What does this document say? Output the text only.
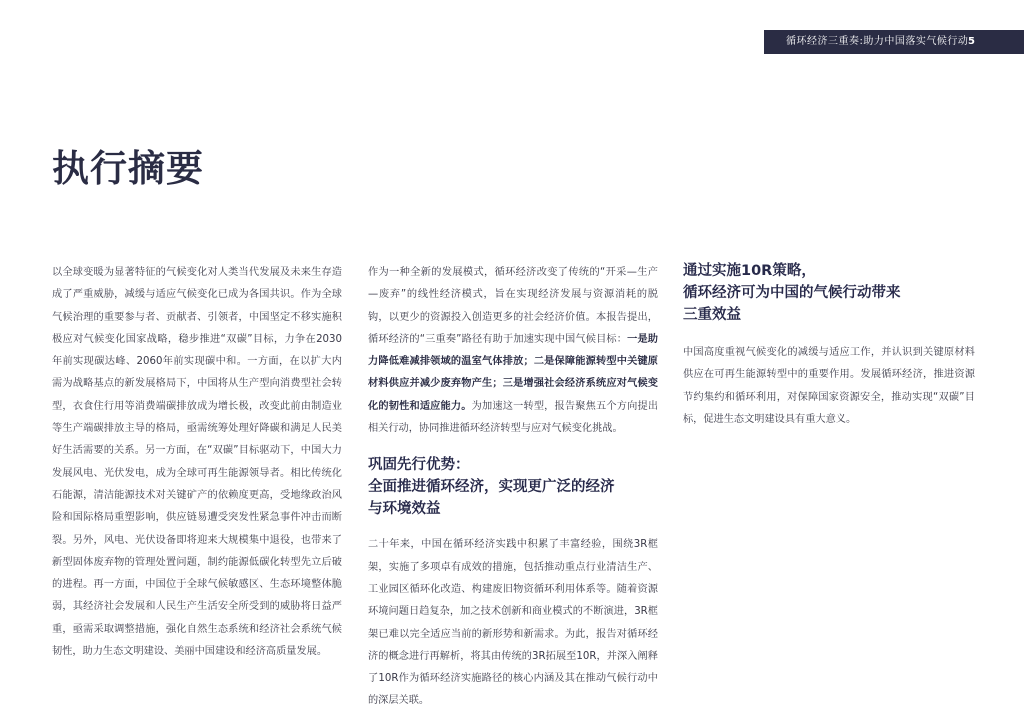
循环经济三重奏:助力中国落实气候行动 5
执行摘要

以全球变暖为显著特征的气候变化对人类当代发展及未来生存造成了严重威胁，减缓与适应气候变化已成为各国共识。作为全球气候治理的重要参与者、贡献者、引领者，中国坚定不移实施积极应对气候变化国家战略，稳步推进“双碳”目标，力争在2030年前实现碳达峰、2060年前实现碳中和。一方面，在以扩大内需为战略基点的新发展格局下，中国将从生产型向消费型社会转型，衣食住行用等消费端碳排放成为增长极，改变此前由制造业等生产端碳排放主导的格局，亟需统筹处理好降碳和满足人民美好生活需要的关系。另一方面，在“双碳”目标驱动下，中国大力发展风电、光伏发电，成为全球可再生能源领导者。相比传统化石能源，清洁能源技术对关键矿产的依赖度更高，受地缘政治风险和国际格局重塑影响，供应链易遭受突发性紧急事件冲击而断裂。另外，风电、光伏设备即将迎来大规模集中退役，也带来了新型固体废弃物的管理处置问题，制约能源低碳化转型先立后破的进程。再一方面，中国位于全球气候敏感区、生态环境整体脆弱，其经济社会发展和人民生产生活安全所受到的威胁将日益严重，亟需采取调整措施，强化自然生态系统和经济社会系统气候韧性，助力生态文明建设、美丽中国建设和经济高质量发展。

作为一种全新的发展模式，循环经济改变了传统的“开采—生产—废弃”的线性经济模式，旨在实现经济发展与资源消耗的脱钩，以更少的资源投入创造更多的社会经济价值。本报告提出，循环经济的“三重奏”路径有助于加速实现中国气候目标：一是助力降低难减排领域的温室气体排放；二是保障能源转型中关键原材料供应并减少废弃物产生；三是增强社会经济系统应对气候变化的韧性和适应能力。为加速这一转型，报告聚焦五个方向提出相关行动，协同推进循环经济转型与应对气候变化挑战。

巩固先行优势：
全面推进循环经济，实现更广泛的经济
与环境效益

二十年来，中国在循环经济实践中积累了丰富经验，围绕3R框架，实施了多项卓有成效的措施，包括推动重点行业清洁生产、工业园区循环化改造、构建废旧物资循环利用体系等。随着资源环境问题日趋复杂，加之技术创新和商业模式的不断演进，3R框架已难以完全适应当前的新形势和新需求。为此，报告对循环经济的概念进行再解析，将其由传统的3R拓展至10R，并深入阐释了10R作为循环经济实施路径的核心内涵及其在推动气候行动中的深层关联。

通过实施10R策略，
循环经济可为中国的气候行动带来
三重效益

中国高度重视气候变化的减缓与适应工作，并认识到关键原材料供应在可再生能源转型中的重要作用。发展循环经济，推进资源节约集约和循环利用，对保障国家资源安全，推动实现“双碳”目标，促进生态文明建设具有重大意义。
